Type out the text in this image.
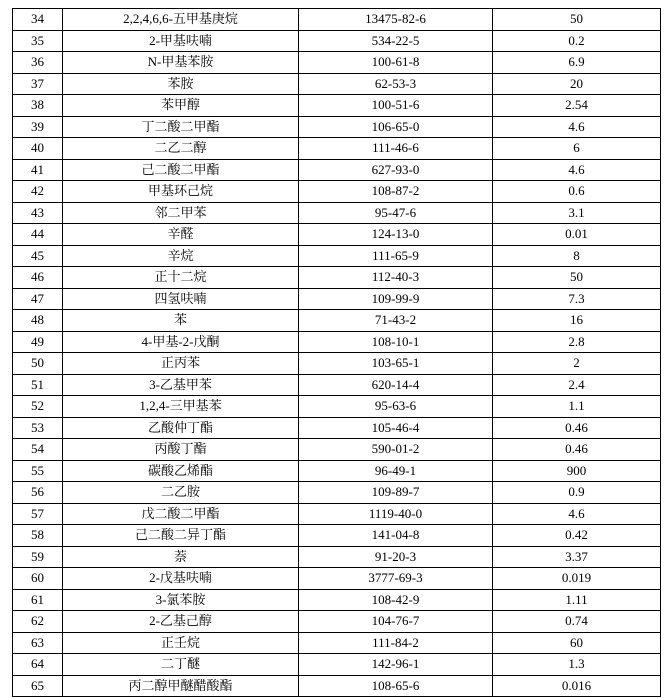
34	2,2,4,6,6-五甲基庚烷	13475-82-6	50
35	2-甲基呋喃	534-22-5	0.2
36	N-甲基苯胺	100-61-8	6.9
37	苯胺	62-53-3	20
38	苯甲醇	100-51-6	2.54
39	丁二酸二甲酯	106-65-0	4.6
40	二乙二醇	111-46-6	6
41	己二酸二甲酯	627-93-0	4.6
42	甲基环己烷	108-87-2	0.6
43	邻二甲苯	95-47-6	3.1
44	辛醛	124-13-0	0.01
45	辛烷	111-65-9	8
46	正十二烷	112-40-3	50
47	四氢呋喃	109-99-9	7.3
48	苯	71-43-2	16
49	4-甲基-2-戊酮	108-10-1	2.8
50	正丙苯	103-65-1	2
51	3-乙基甲苯	620-14-4	2.4
52	1,2,4-三甲基苯	95-63-6	1.1
53	乙酸仲丁酯	105-46-4	0.46
54	丙酸丁酯	590-01-2	0.46
55	碳酸乙烯酯	96-49-1	900
56	二乙胺	109-89-7	0.9
57	戊二酸二甲酯	1119-40-0	4.6
58	己二酸二异丁酯	141-04-8	0.42
59	萘	91-20-3	3.37
60	2-戊基呋喃	3777-69-3	0.019
61	3-氯苯胺	108-42-9	1.11
62	2-乙基己醇	104-76-7	0.74
63	正壬烷	111-84-2	60
64	二丁醚	142-96-1	1.3
65	丙二醇甲醚醋酸酯	108-65-6	0.016
